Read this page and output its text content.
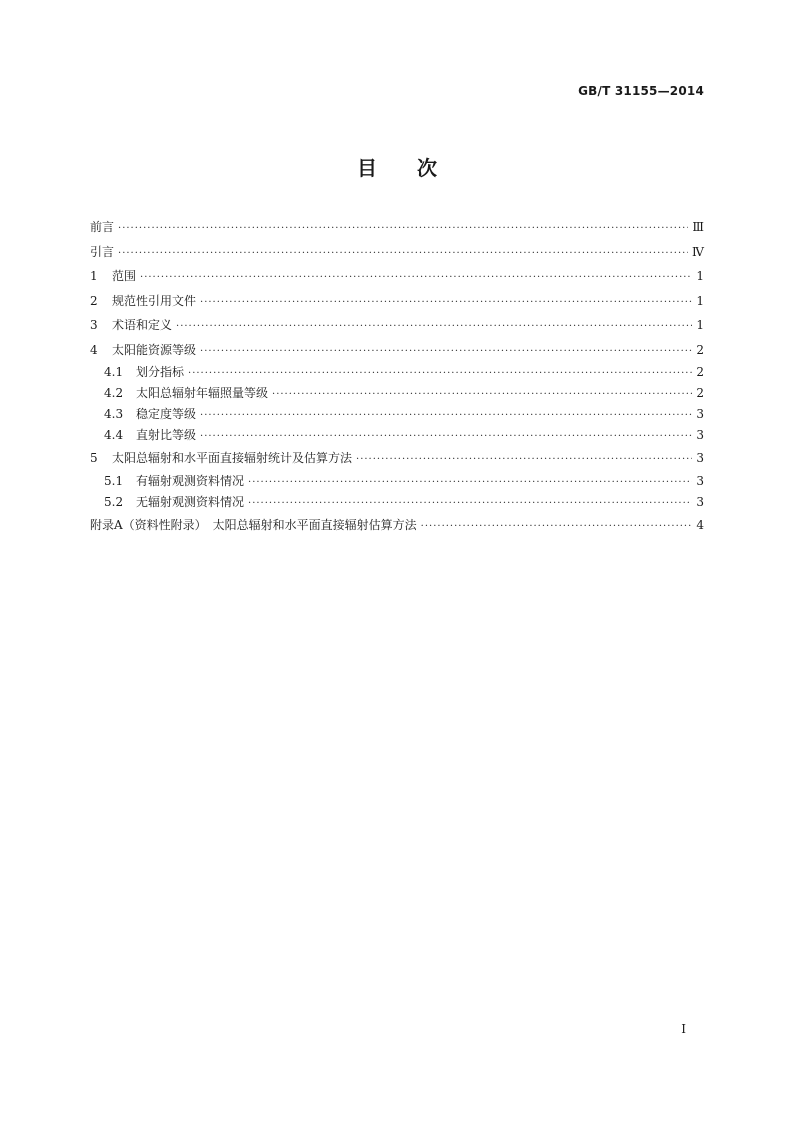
GB/T 31155—2014
目　　次
前言 ·····	Ⅲ
引言 ·····	Ⅳ
1	范围 ·····	1
2	规范性引用文件 ·····	1
3	术语和定义 ·····	1
4	太阳能资源等级 ·····	2
4.1	划分指标 ·····	2
4.2	太阳总辐射年辐照量等级 ·····	2
4.3	稳定度等级 ·····	3
4.4	直射比等级 ·····	3
5	太阳总辐射和水平面直接辐射统计及估算方法 ·····	3
5.1	有辐射观测资料情况 ·····	3
5.2	无辐射观测资料情况 ·····	3
附录A（资料性附录）　太阳总辐射和水平面直接辐射估算方法 ·····	4
I
